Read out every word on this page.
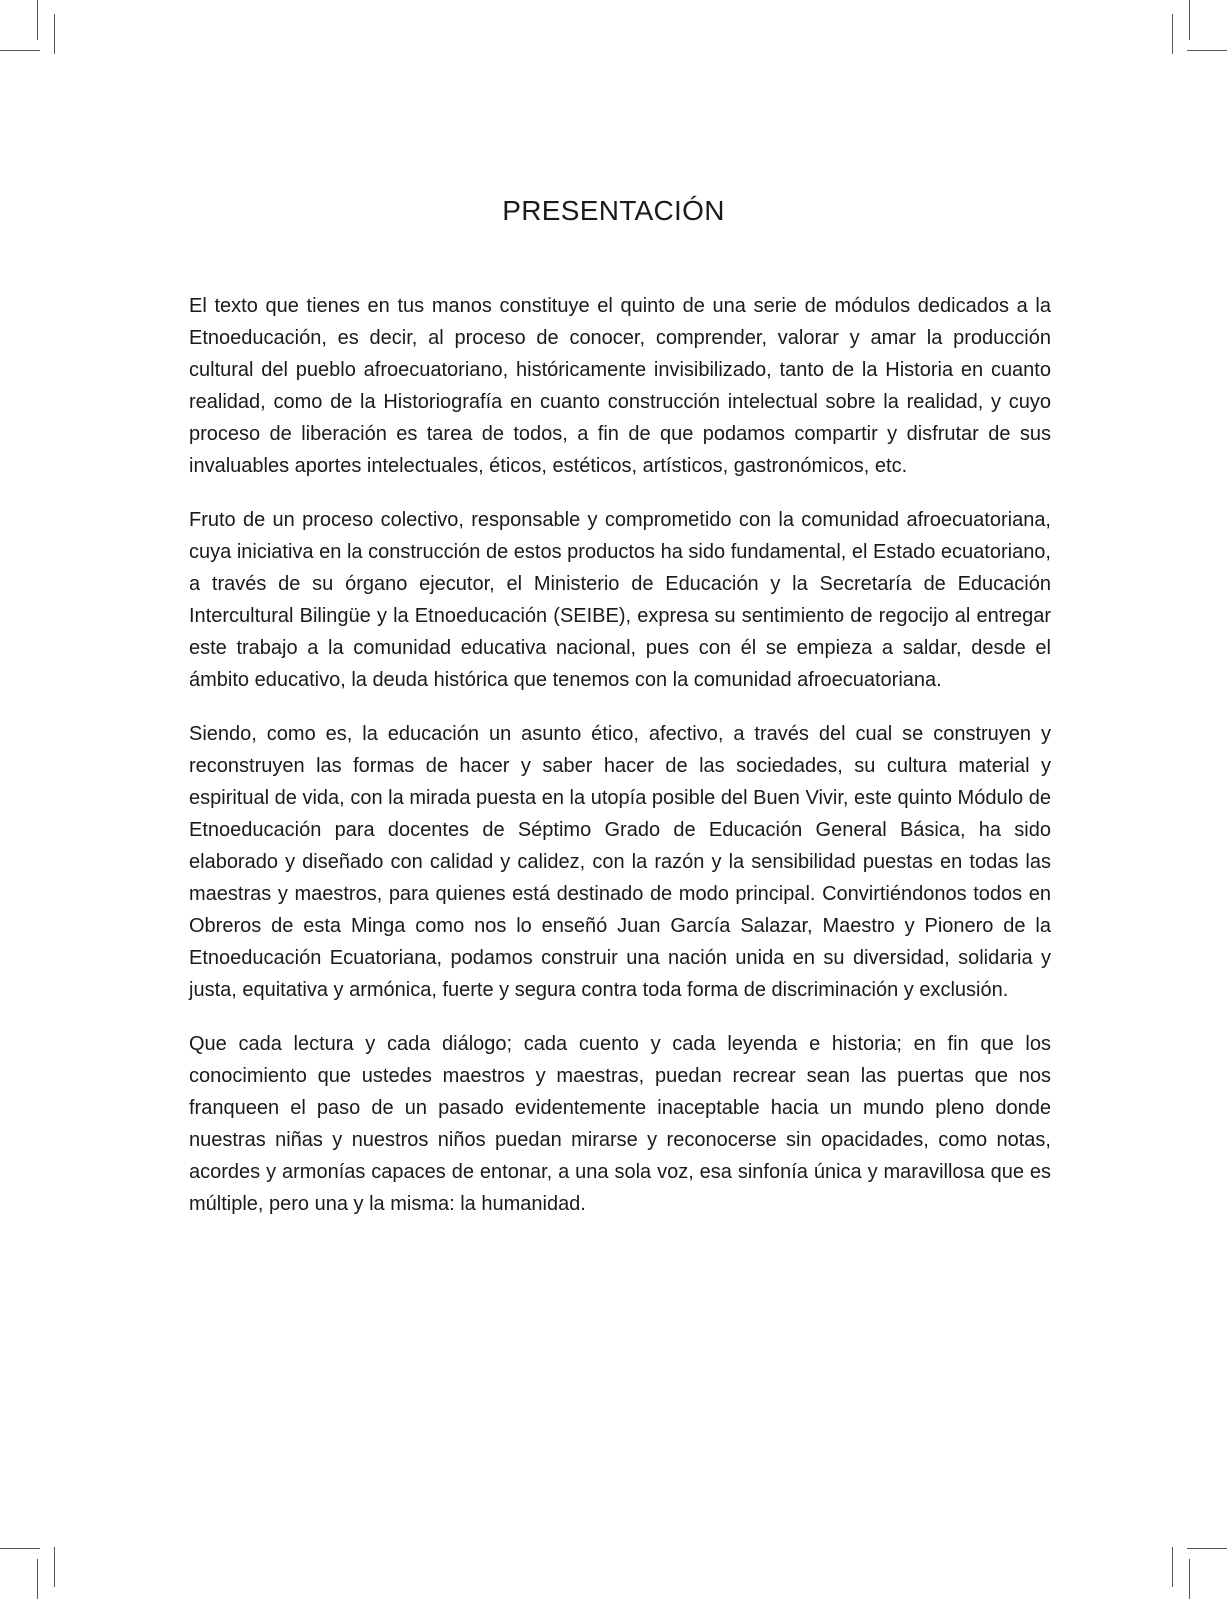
PRESENTACIÓN

El texto que tienes en tus manos constituye el quinto de una serie de módulos dedicados a la Etnoeducación, es decir, al proceso de conocer, comprender, valorar y amar la producción cultural del pueblo afroecuatoriano, históricamente invisibilizado, tanto de la Historia en cuanto realidad, como de la Historiografía en cuanto construcción intelectual sobre la realidad, y cuyo proceso de liberación es tarea de todos, a fin de que podamos compartir y disfrutar de sus invaluables aportes intelectuales, éticos, estéticos, artísticos, gastronómicos, etc.

Fruto de un proceso colectivo, responsable y comprometido con la comunidad afroecuatoriana, cuya iniciativa en la construcción de estos productos ha sido fundamental, el Estado ecuatoriano, a través de su órgano ejecutor, el Ministerio de Educación y la Secretaría de Educación Intercultural Bilingüe y la Etnoeducación (SEIBE), expresa su sentimiento de regocijo al entregar este trabajo a la comunidad educativa nacional, pues con él se empieza a saldar, desde el ámbito educativo, la deuda histórica que tenemos con la comunidad afroecuatoriana.

Siendo, como es, la educación un asunto ético, afectivo, a través del cual se construyen y reconstruyen las formas de hacer y saber hacer de las sociedades, su cultura material y espiritual de vida, con la mirada puesta en la utopía posible del Buen Vivir, este quinto Módulo de Etnoeducación para docentes de Séptimo Grado de Educación General Básica, ha sido elaborado y diseñado con calidad y calidez, con la razón y la sensibilidad puestas en todas las maestras y maestros, para quienes está destinado de modo principal. Convirtiéndonos todos en Obreros de esta Minga como nos lo enseñó Juan García Salazar, Maestro y Pionero de la Etnoeducación Ecuatoriana, podamos construir una nación unida en su diversidad, solidaria y justa, equitativa y armónica, fuerte y segura contra toda forma de discriminación y exclusión.

Que cada lectura y cada diálogo; cada cuento y cada leyenda e historia; en fin que los conocimiento que ustedes maestros y maestras, puedan recrear sean las puertas que nos franqueen el paso de un pasado evidentemente inaceptable hacia un mundo pleno donde nuestras niñas y nuestros niños puedan mirarse y reconocerse sin opacidades, como notas, acordes y armonías capaces de entonar, a una sola voz, esa sinfonía única y maravillosa que es múltiple, pero una y la misma: la humanidad.
